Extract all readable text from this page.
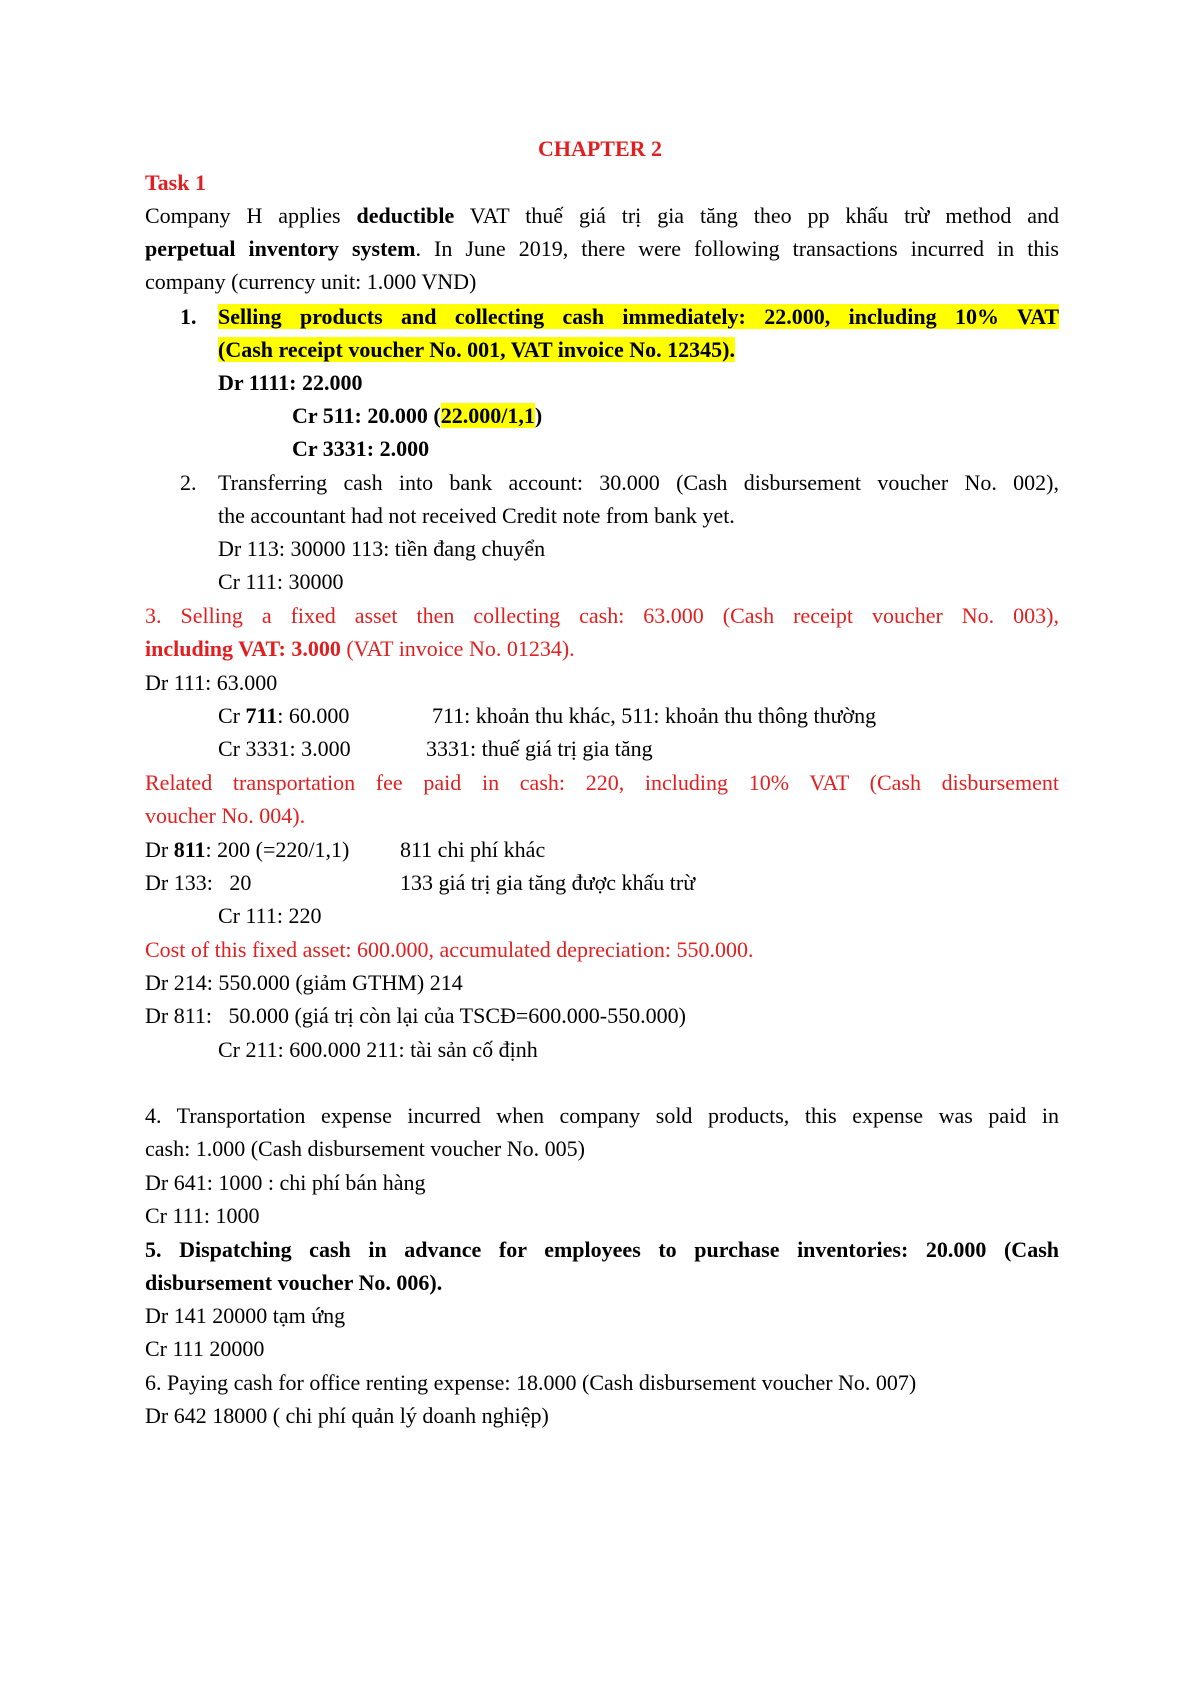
CHAPTER 2
Task 1
Company H applies deductible VAT thuế giá trị gia tăng theo pp khấu trừ method and
perpetual inventory system. In June 2019, there were following transactions incurred in this
company (currency unit: 1.000 VND)
1. Selling products and collecting cash immediately: 22.000, including 10% VAT
(Cash receipt voucher No. 001, VAT invoice No. 12345).
Dr 1111: 22.000
Cr 511: 20.000 (22.000/1,1)
Cr 3331: 2.000
2. Transferring cash into bank account: 30.000 (Cash disbursement voucher No. 002),
the accountant had not received Credit note from bank yet.
Dr 113: 30000 113: tiền đang chuyển
Cr 111: 30000
3. Selling a fixed asset then collecting cash: 63.000 (Cash receipt voucher No. 003),
including VAT: 3.000 (VAT invoice No. 01234).
Dr 111: 63.000
Cr 711: 60.000	711: khoản thu khác, 511: khoản thu thông thường
Cr 3331: 3.000	3331: thuế giá trị gia tăng
Related transportation fee paid in cash: 220, including 10% VAT (Cash disbursement
voucher No. 004).
Dr 811: 200 (=220/1,1) 811 chi phí khác
Dr 133:   20	133 giá trị gia tăng được khấu trừ
Cr 111: 220
Cost of this fixed asset: 600.000, accumulated depreciation: 550.000.
Dr 214: 550.000 (giảm GTHM) 214
Dr 811:   50.000 (giá trị còn lại của TSCĐ=600.000-550.000)
Cr 211: 600.000 211: tài sản cố định
4. Transportation expense incurred when company sold products, this expense was paid in
cash: 1.000 (Cash disbursement voucher No. 005)
Dr 641: 1000 : chi phí bán hàng
Cr 111: 1000
5. Dispatching cash in advance for employees to purchase inventories: 20.000 (Cash
disbursement voucher No. 006).
Dr 141 20000 tạm ứng
Cr 111 20000
6. Paying cash for office renting expense: 18.000 (Cash disbursement voucher No. 007)
Dr 642 18000 ( chi phí quản lý doanh nghiệp)
